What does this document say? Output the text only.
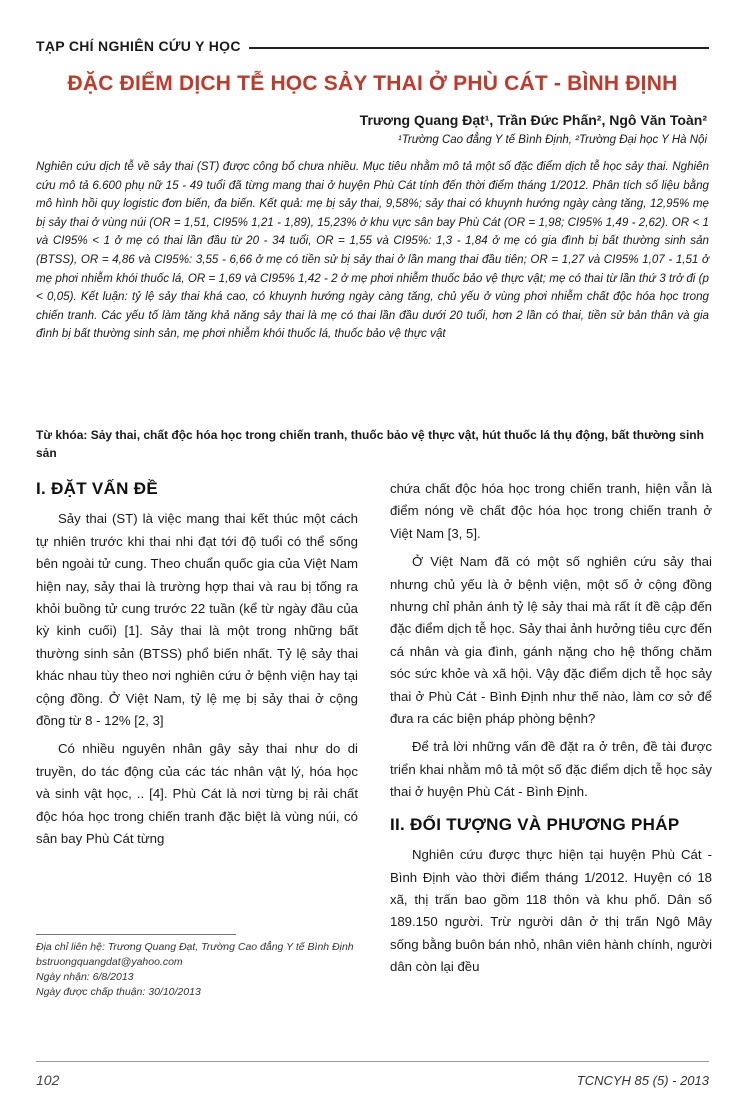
TẠP CHÍ NGHIÊN CỨU Y HỌC
ĐẶC ĐIỂM DỊCH TỄ HỌC SẢY THAI Ở PHÙ CÁT - BÌNH ĐỊNH
Trương Quang Đạt¹, Trần Đức Phấn², Ngô Văn Toàn²
¹Trường Cao đẳng Y tế Bình Định, ²Trường Đại học Y Hà Nội
Nghiên cứu dịch tễ về sảy thai (ST) được công bố chưa nhiều. Mục tiêu nhằm mô tả một số đặc điểm dịch tễ học sảy thai. Nghiên cứu mô tả 6.600 phụ nữ 15 - 49 tuổi đã từng mang thai ở huyện Phù Cát tính đến thời điểm tháng 1/2012. Phân tích số liệu bằng mô hình hồi quy logistic đơn biến, đa biến. Kết quả: mẹ bị sảy thai, 9,58%; sảy thai có khuynh hướng ngày càng tăng, 12,95% mẹ bị sảy thai ở vùng núi (OR = 1,51, CI95% 1,21 - 1,89), 15,23% ở khu vực sân bay Phù Cát (OR = 1,98; CI95% 1,49 - 2,62). OR < 1 và CI95% < 1 ở mẹ có thai lần đầu từ 20 - 34 tuổi, OR = 1,55 và CI95%: 1,3 - 1,84 ở mẹ có gia đình bị bất thường sinh sản (BTSS), OR = 4,86 và CI95%: 3,55 - 6,66 ở mẹ có tiền sử bị sảy thai ở lần mang thai đầu tiên; OR = 1,27 và CI95% 1,07 - 1,51 ở mẹ phơi nhiễm khói thuốc lá, OR = 1,69 và CI95% 1,42 - 2 ở mẹ phơi nhiễm thuốc bảo vệ thực vật; mẹ có thai từ lần thứ 3 trở đi (p < 0,05). Kết luận: tỷ lệ sảy thai khá cao, có khuynh hướng ngày càng tăng, chủ yếu ở vùng phơi nhiễm chất độc hóa học trong chiến tranh. Các yếu tố làm tăng khả năng sảy thai là mẹ có thai lần đầu dưới 20 tuổi, hơn 2 lần có thai, tiền sử bản thân và gia đình bị bất thường sinh sản, mẹ phơi nhiễm khói thuốc lá, thuốc bảo vệ thực vật
Từ khóa: Sảy thai, chất độc hóa học trong chiến tranh, thuốc bảo vệ thực vật, hút thuốc lá thụ động, bất thường sinh sản
I. ĐẶT VẤN ĐỀ

Sảy thai (ST) là việc mang thai kết thúc một cách tự nhiên trước khi thai nhi đạt tới độ tuổi có thể sống bên ngoài tử cung. Theo chuẩn quốc gia của Việt Nam hiện nay, sảy thai là trường hợp thai và rau bị tống ra khỏi buồng tử cung trước 22 tuần (kể từ ngày đầu của kỳ kinh cuối) [1]. Sảy thai là một trong những bất thường sinh sản (BTSS) phổ biến nhất. Tỷ lệ sảy thai khác nhau tùy theo nơi nghiên cứu ở bệnh viện hay tại cộng đồng. Ở Việt Nam, tỷ lệ mẹ bị sảy thai ở cộng đồng từ 8 - 12% [2, 3]

Có nhiều nguyên nhân gây sảy thai như do di truyền, do tác động của các tác nhân vật lý, hóa học và sinh vật học, .. [4]. Phù Cát là nơi từng bị rải chất độc hóa học trong chiến tranh đặc biệt là vùng núi, có sân bay Phù Cát từng

chứa chất độc hóa học trong chiến tranh, hiện vẫn là điểm nóng về chất độc hóa học trong chiến tranh ở Việt Nam [3, 5].

Ở Việt Nam đã có một số nghiên cứu sảy thai nhưng chủ yếu là ở bệnh viện, một số ở cộng đồng nhưng chỉ phản ánh tỷ lệ sảy thai mà rất ít đề cập đến đặc điểm dịch tễ học. Sảy thai ảnh hưởng tiêu cực đến cá nhân và gia đình, gánh nặng cho hệ thống chăm sóc sức khỏe và xã hội. Vậy đặc điểm dịch tễ học sảy thai ở Phù Cát - Bình Định như thế nào, làm cơ sở để đưa ra các biện pháp phòng bệnh?

Để trả lời những vấn đề đặt ra ở trên, đề tài được triển khai nhằm mô tả một số đặc điểm dịch tễ học sảy thai ở huyện Phù Cát - Bình Định.

II. ĐỐI TƯỢNG VÀ PHƯƠNG PHÁP

Nghiên cứu được thực hiện tại huyện Phù Cát - Bình Định vào thời điểm tháng 1/2012. Huyện có 18 xã, thị trấn bao gồm 118 thôn và khu phố. Dân số 189.150 người. Trừ người dân ở thị trấn Ngô Mây sống bằng buôn bán nhỏ, nhân viên hành chính, người dân còn lại đều

Địa chỉ liên hệ: Trương Quang Đạt, Trường Cao đẳng Y tế Bình Định
bstruongquangdat@yahoo.com
Ngày nhận: 6/8/2013
Ngày được chấp thuận: 30/10/2013
102	TCNCYH 85 (5) - 2013
